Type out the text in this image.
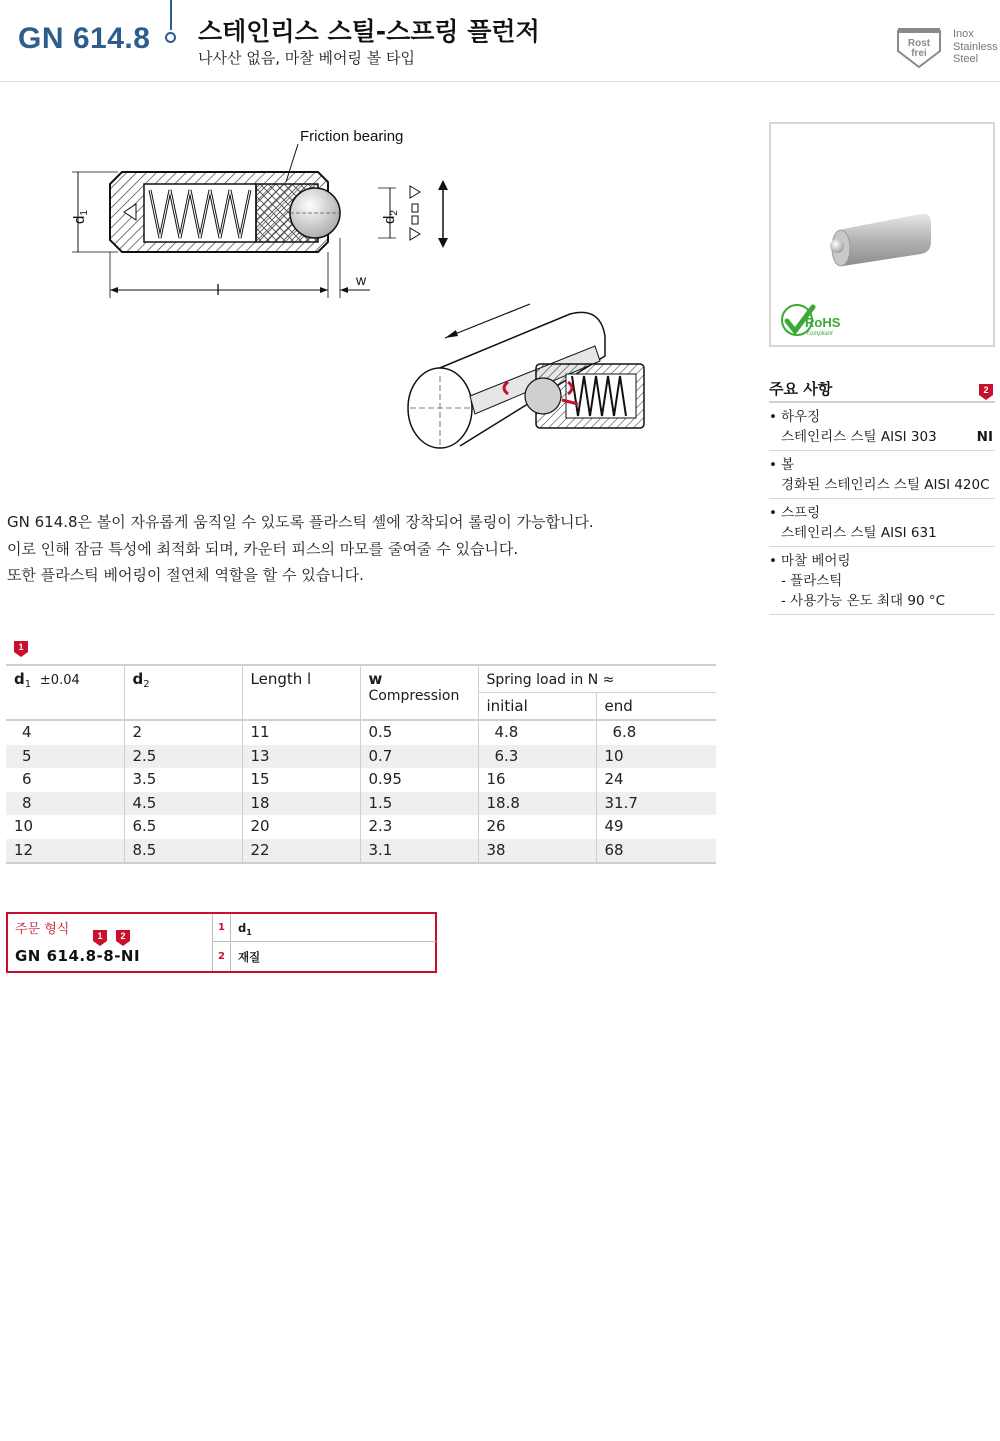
GN 614.8 스테인리스 스틸-스프링 플런저
나사산 없음, 마찰 베어링 볼 타입
Rost
frei
Inox
Stainless
Steel
Friction bearing
$d_1$
$d_2$
l
w
RoHS
compliant
주요 사항	2
• 하우징
스테인리스 스틸 AISI 303	NI
• 볼
경화된 스테인리스 스틸 AISI 420C
• 스프링
스테인리스 스틸 AISI 631
• 마찰 베어링
- 플라스틱
- 사용가능 온도 최대 90 °C
GN 614.8은 볼이 자유롭게 움직일 수 있도록 플라스틱 셸에 장착되어 롤링이 가능합니다.
이로 인해 잠금 특성에 최적화 되며, 카운터 피스의 마모를 줄여줄 수 있습니다.
또한 플라스틱 베어링이 절연체 역할을 할 수 있습니다.
1
$d_1 \pm 0.04$	$d_2$	Length l	w
Compression	Spring load in N ≈	
				initial	end
4	2	11	0.5	4.8	6.8
5	2.5	13	0.7	6.3	10
6	3.5	15	0.95	16	24
8	4.5	18	1.5	18.8	31.7
10	6.5	20	2.3	26	49
12	8.5	22	3.1	38	68
주문 형식	1	2
GN 614.8-8-NI
1	$d_1$
2	재질
